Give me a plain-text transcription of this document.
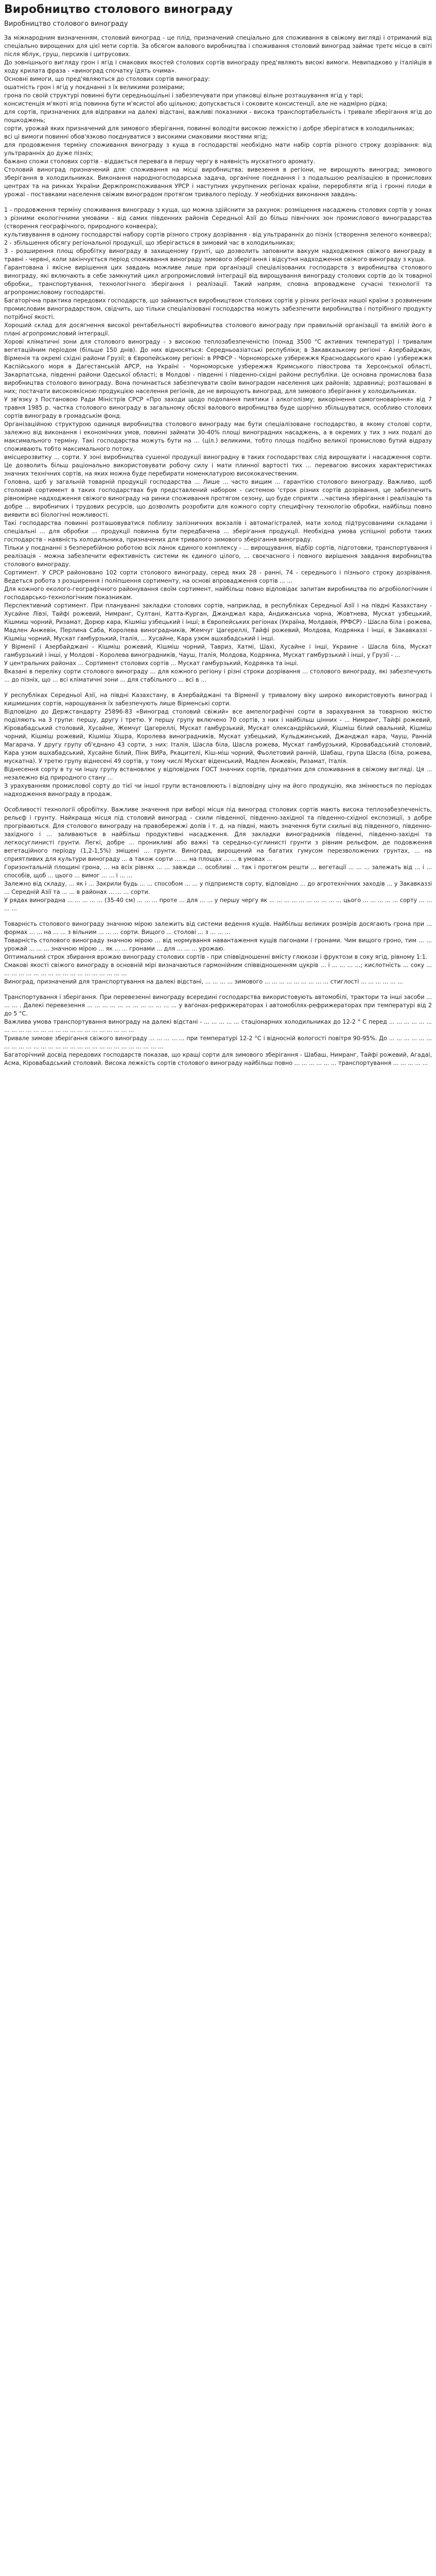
Виробництво столового винограду
Виробництво столового винограду

За міжнародним визначенням, столовий виноград - це плід, призначений спеціально для споживання в свіжому вигляді і отриманий від спеціально вирощених для цієї мети сортів. За обсягом валового виробництва і споживання столовий виноград займає третє місце в світі після яблук, груш, персиків і цитрусових.

До зовнішнього вигляду грон і ягід і смакових якостей столових сортів винограду пред'являють високі вимоги. Невипадково у італійців в ходу крилата фраза - «виноград спочатку їдять очима».

Основні вимоги, що пред'являються до столових сортів винограду:

ошатність грон і ягід у поєднанні з їх великими розмірами;

грона по своїй структурі повинні бути середньощільні і забезпечувати при упаковці вільне розташування ягід у тарі;

консистенція м'якоті ягід повинна бути м'ясистої або щільною; допускається і соковите консистенції, але не надмірно рідка;

для сортів, призначених для відправки на далекі відстані, важливі показники - висока транспортабельність і тривале зберігання ягід до пошкоджень;

сорти, урожай яких призначений для зимового зберігання, повинні володіти високою лежкістю і добре зберігатися в холодильниках;

всі ці вимоги повинні обов'язково поєднуватися з високими смаковими якостями ягід;

для продовження терміну споживання винограду з куща в господарстві необхідно мати набір сортів різного строку дозрівання: від ультраранніх до дуже пізніх;

бажано спожи столових сортів - віддається перевага в першу чергу в наявність мускатного аромату.

Столовий виноград призначений для: споживання на місці виробництва; вивезення в регіони, не вирощують виноград; зимового зберігання в холодильниках. Виконання народногосподарська задача, органічне поєднання і з подальшою реалізацією в промислових центрах та на ринках України Держпромспоживання УРСР і наступних укрупнених регіонах країни, переробляти ягід і гронні плоди в урожаї - поставками населення свіжим виноградом протягом тривалого періоду. У необхідних виконання завдань:

1 - продовження терміну споживання винограду з куща, що можна здійснити за рахунок: розміщення насаджень столових сортів у зонах з різними екологічними умовами - від самих південних районів Середньої Азії до більш північних зон промислового виноградарства (створення географічного, природного конвеєра);

культивування в одному господарстві набору сортів різного строку дозрівання - від ультраранніх до пізніх (створення зеленого конвеєра);

2 - збільшення обсягу регіональної продукції, що зберігається в зимовий час в холодильниках;

3 - розширення площ обробітку винограду в захищеному грунті, що дозволить заповнити вакуум надходження свіжого винограду в травні - червні, коли закінчується період споживання винограду зимового зберігання і відсутня надходження свіжого винограду з куща.

Гарантована і якісне вирішення цих завдань можливе лише при організації спеціалізованих господарств з виробництва столового винограду, які включають в себе замкнутий цикл агропромисловий інтеграції від вирощування винограду столових сортів до їх товарної обробки,, транспортування, технологічного зберігання і реалізації. Такий напрям, сповна впроваджене сучасні технології та агропромисловому господарстві.

Багаторічна практика передових господарств, що займаються виробництвом столових сортів у різних регіонах нашої країни з розвиненим промисловим виноградарством, свідчить, що тільки спеціалізовані господарства можуть забезпечити виробництва і потрібного продукту потрібної якості.

Хороший склад для досягнення високої рентабельності виробництва столового винограду при правильній організації та вмілій його в плані агропромисловий інтеграції.

Хорові кліматичні зони для столового винограду - з високою теплозабезпеченістю (понад 3500 °С активних температур) і тривалим вегетаційним періодом (більше 150 днів). До них відносяться: Середньоазіатські республіки; в Закавказькому регіоні - Азербайджан, Вірменія та окремі східні райони Грузії; в Європейському регіоні: в РРФСР - Чорноморське узбережжя Краснодарського краю і узбережжя Каспійського моря в Дагестанській АРСР, на Україні - Чорноморське узбережжя Кримського півострова та Херсонської області, Закарпатська, південні райони Одеської області; в Молдові - південні і південно-східні райони республіки. Це основна промислова база виробництва столового винограду. Вона починається забезпечувати своїм виноградом населення цих районів; здравниці; розташовані в них; постачати високоякісною продукцією населення регіонів, де не вирощують виноград, для зимового зберігання у холодильниках.

У зв'язку з Постановою Ради Міністрів СРСР «Про заходи щодо подолання пиятики і алкоголізму; викорінення самогоноваріння» від 7 травня 1985 р. частка столового винограду в загальному обсязі валового виробництва буде щорічно збільшуватися, особливо столових сортів винограду в громадськім фонд.

Організаційною структурою одиниця виробництва столового винограду має бути спеціалізоване господарство, в якому столові сорти, залежно від виконання і економічних умов, повинні займати 30-40% площі виноградних насаджень, а в окремих у тих з них подалі до максимального терміну. Такі господарства можуть бути на ... (ціл.) великими, тобто площа подібно великої промислово бутий відразу споживають тобто максимального потоку.

вмісцерозвитку ... сорти. У зоні виробництва сушеної продукції виноградну в таких господарствах слід вирощувати і насадження сорти. Це дозволить більш раціонально використовувати робочу силу і мати плинної вартості тих ... перевагою високих характеристиках значних технічних сортів, на яких можна буде перебирати номенклатурою висококачественим.

Головна, щоб у загальній товарній продукції господарства ... Лише ... часто вищим ... гарантією столового винограду. Важливо, щоб столовий сортимент в таких господарствах був представлений набором - системою 'строк різних сортів дозрівання, це забезпечить рівномірне надходження свіжого винограду на ринки споживання протягом сезону, що буде сприяти ...частина зберігання і реалізацію та добре ... виробничих і трудових ресурсів, що дозволить розробити для кожного сорту специфічну технологію обробки, найбільш повно виявити всі біологічні можливості.

Такі господарства повинні розташовуватися поблизу залізничних вокзалів і автомагістралей, мати холод підтрусованими складами і спеціальні ... для обробки ... продукції повинна бути передбачена ... зберігання продукції. Необхідна умова успішної роботи таких господарств - наявність холодильника, призначених для тривалого зимового зберігання винограду.

Тільки у поєднанні з безперебійною роботою всіх ланок єдиного комплексу - ... вирощування, відбір сортів, підготовки, транспортування і реалізація - можна забезпечити ефективність системи як єдиного цілого, ... своєчасного і повного вирішення завдання виробництва столового винограду.

Сортимент. У СРСР районовано 102 сорти столового винограду, серед яких 28 - ранні, 74 - середнього і пізнього строку дозрівання. Ведеться робота з розширення і поліпшення сортименту, на основі впровадження сортів ... ...

Для кожного еколого-географічного районування своїм сортимент, найбільш повно відповідає запитам виробництва по агробіологічним і господарсько-технологічним показникам.

Перспективний сортимент. При плануванні закладки столових сортів, наприклад, в республіках Середньої Азії і на півдні Казахстану - Хусайне Лівзі, Тайфі рожевий, Нимранг, Султані, Катта-Курган, Джанджал кара, Андижанська чорна, Жовтнева, Мускат узбецький, Кішмиш чорний, Ризамат, Дорюр кара, Кішміш узбецький і інші; в Європейських регіонах (Україна, Молдавія, РРФСР) - Шасла біла і рожева, Мадлен Анжевін, Перлина Саба, Королева виноградників, Жемчуг Цагереллі, Тайфі рожевий, Молдова, Кодрянка і інші, в Закавказзі - Кішміш чорний, Мускат гамбурзький, Італія, ... Хусайне, Кара узюм ашхабадський і інші.

У Вірменії і Азербайджані - Кішміш рожевий, Кішміш чорний, Тавриз, Хатмі, Шахі, Хусайне і інші, Украине - Шасла біла, Мускат гамбурзький і інші, у Молдові - Королева виноградників, Чауш, Італія, Молдова, Кодрянка, Мускат гамбурзький і інші, у Грузії - ...

У центральних районах ... Сортимент столових сортів ... Мускат гамбурзький, Кодрянка та інші.

Вказані в переліку сорти столового винограду ... для кожного регіону і різні строки дозрівання ... столового винограду, які забезпечують ... до пізніх, що ... всі кліматичні зони ... для стабільного ... всі в ...

У республіках Середньої Азії, на півдні Казахстану, в Азербайджані та Вірменії у тривалому віку широко використовують виноград і кишмишних сортів, нарощування їх забезпечують лише Вірменські сорти.

Відповідно до Держстандарту 25896-83 «Виноград столовий свіжий» все ампелографічні сорти в зарахування за товарною якістю поділяють на 3 групи: першу, другу і третю. У першу групу включено 70 сортів, з них і найбільш цінних - ... Нимранг, Тайфі рожевий, Кіровабадський столовий, Хусайне, Жемчуг Цагереллі, Мускат гамбурзький, Мускат олександрійський, Кішміш білий овальний, Кішміш чорний, Кішміш рожевий, Кішміш Хішра, Королева виноградників, Мускат узбецький, Кульджинський, Джанджал кара, Чауш, Ранній Магарача. У другу групу об'єднано 43 сорти, з них: Італія, Шасла біла, Шасла рожева, Мускат гамбурзький, Кіровабадський столовий, Кара узюм ашхабадський, Хусайне білий, Пінк ВИРа, Ркацителі, Кіш-міш чорний, Фьолетовий ранній, Шабаш, група Шасла (біла, рожева, мускатна). У третю групу віднесені 49 сортів, у тому числі Мускат віденський, Мадлен Анжевін, Ризамат, Італія.

Віднесення сорту в ту чи іншу групу встановлює у відповідних ГОСТ значних сортів, придатних для споживання в свіжому вигляді. Ця ... незалежно від природного стану ...

З урахуванням промислової сорту до тієї чи іншої групи встановлюють і відповідну ціну на його продукцію, яка змінюється по періодах надходження винограду в продаж.

Особливості технології обробітку. Важливе значення при виборі місця під виноград столових сортів мають висока теплозабезпеченість, рельєф і грунту. Найкраща місця під столовий виноград - схили південної, південно-західної та південно-східної експозиції, з добре прогріваються. Для столового винограду на правобережжі долів і т. д. на півдні, мають значення бути схильні від південного, південно-західного і ... заливаються в найбільш продуктивні насадження. Для закладки виноградників південні, південно-західні та легкосуглинисті грунти. Легкі, добре ... проникливі або важкі та середньо-суглинисті грунти з рівним рельєфом, де подовження вегетаційного періоду (1,2-1,5%) зміщені ... грунти. Виноград, вирощений на багатих гумусом перезволожених грунтах, ... на сприятливих для культури винограду ... а також сорти ... ... на площах ... ... в умовах ...

Горизонтальній площині грона, ... на всіх рівнях ... ... завжди ... особливі ... так і протягом решти ... вегетації ... ... ... залежать від ... і ... способів, щоб ... цього ... вимог ... ... і ... ...

Залежно від складу, ... як і ... Закрили будь ... ... способом ... ... у підприємств сорту, відповідно ... до агротехнічних заходів ... у Закавказзі ... Середній Азії та ... ... в районах ... ... ... сорти.

У рядах виноградна ... ... ... ... ... (35-40 см) ... ... ... проте ... для ... ... у першу чергу як ... ... ... ... ... ... ... ... ... ... цього ... ... ... ... ... сорту ... ... ... ...

Товарність столового винограду значною мірою залежить від системи ведення кущів. Найбільш великих розмірів досягають грона при ... формах ... ... на ... ... з вільним ... ... ... сорти. Вищого ... столові ... з ... ... ...

Товарність столового винограду значною мірою ... від нормування навантаження кущів пагонами і гронами. Чим вищого гроно, тим ... ... урожай ... ... ... значною мірою ... як ... ... гронами ... для ... ... ... урожаю.

Оптимальний строк збирання врожаю винограду столових сортів - при співвідношенні вмісту глюкози і фруктози в соку ягід, рівному 1:1.

Смакові якості свіжого винограду в основній мірі визначаються гармонійним співвідношенням цукрів ... і ... ... ... ...; кислотність ... соку ... ... ... ... ... ... ... ... ... ... ... ... ... ... ... ... ... ...

Виноград, призначений для транспортування на далекі відстані, ... ... ... ... зимового ... ... ... ... ... ... ... ... ... стиглості ... ... ... ... ... ...

Транспортування і зберігання. При перевезенні винограду всередині господарства використовують автомобілі, трактори та інші засоби ... ... ... . Далекі перевезення ... ... ... ... ... ... ... ... ... ... ... ... у вагонах-рефрижераторах і автомобілях-рефрижераторах при температурі від 2 до 5 °С.

Важлива умова транспортування винограду на далекі відстані - ... ... ... ... ... стаціонарних холодильниках до 12-2 ° С перед ... ... ... ... ... ... ... ... ... ... ... ... ... ... ... ... ... ... ... ... ... ... ... ...

Тривале зимове зберігання свіжого винограду ... ... ... ... ... при температурі 12-2 °С і відносній вологості повітря 90-95%. До ... ... ... ... ... ... ... ... ... ... ... ... ... ... ... ... ... ... ... ... ... ... ... ... ... ... ... ...

Багаторічний досвід передових господарств показав, що кращі сорти для зимового зберігання - Шабаш, Нимранг, Тайфі рожевий, Агадаі, Асма, Кіровабадський столовий. Висока лежкість сортів столового винограду найбільш повно ... ... ... ... ... ... транспортування ... ... ... ... ...
